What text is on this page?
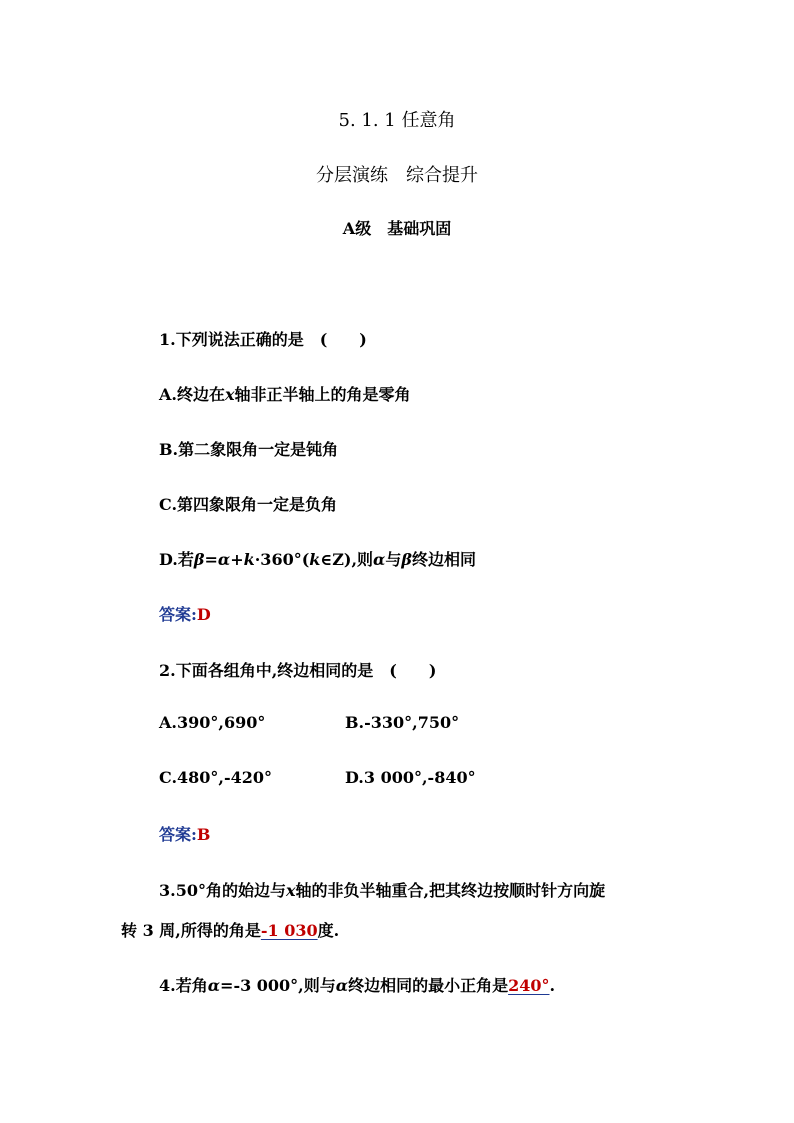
5. 1. 1 任意角
分层演练　综合提升
A级　基础巩固
1.下列说法正确的是　(　　)
A.终边在x轴非正半轴上的角是零角
B.第二象限角一定是钝角
C.第四象限角一定是负角
D.若β=α+k·360°(k∈Z),则α与β终边相同
答案:D
2.下面各组角中,终边相同的是　(　　)
A.390°,690°	B.-330°,750°
C.480°,-420°	D.3 000°,-840°
答案:B
3.50°角的始边与x轴的非负半轴重合,把其终边按顺时针方向旋
转 3 周,所得的角是-1 030度.
4.若角α=-3 000°,则与α终边相同的最小正角是240°.
